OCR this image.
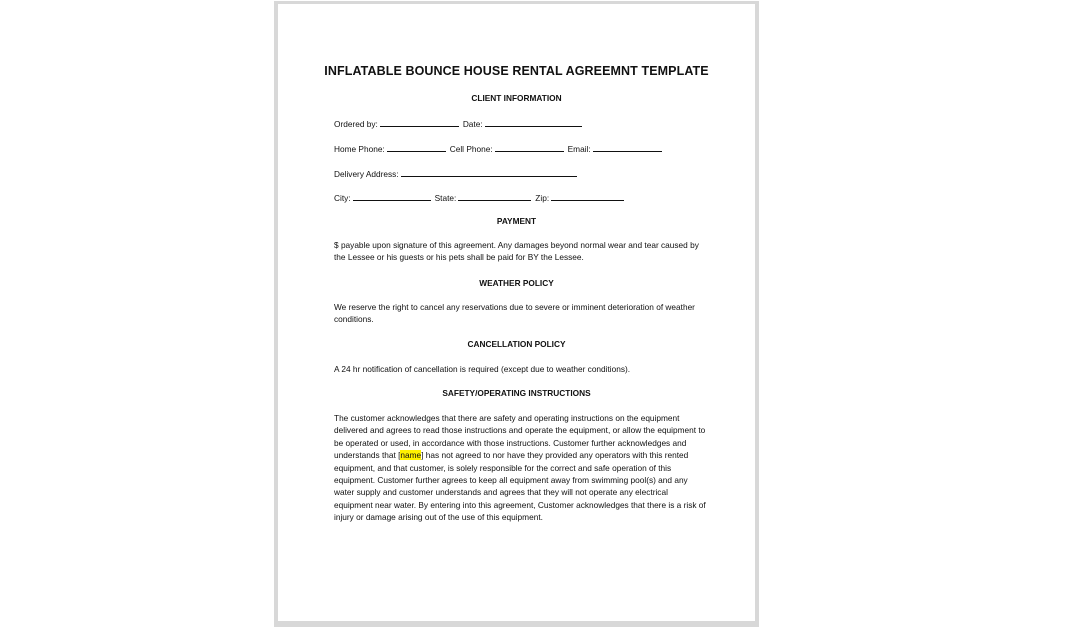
INFLATABLE BOUNCE HOUSE RENTAL AGREEMNT TEMPLATE
CLIENT INFORMATION
Ordered by:	Date:
Home Phone:	Cell Phone:	Email:
Delivery Address:
City:	State:	Zip:
PAYMENT
$ payable upon signature of this agreement. Any damages beyond normal wear and tear caused by the Lessee or his guests or his pets shall be paid for BY the Lessee.
WEATHER POLICY
We reserve the right to cancel any reservations due to severe or imminent deterioration of weather conditions.
CANCELLATION POLICY
A 24 hr notification of cancellation is required (except due to weather conditions).
SAFETY/OPERATING INSTRUCTIONS
The customer acknowledges that there are safety and operating instructions on the equipment delivered and agrees to read those instructions and operate the equipment, or allow the equipment to be operated or used, in accordance with those instructions. Customer further acknowledges and understands that [name] has not agreed to nor have they provided any operators with this rented equipment, and that customer, is solely responsible for the correct and safe operation of this equipment. Customer further agrees to keep all equipment away from swimming pool(s) and any water supply and customer understands and agrees that they will not operate any electrical equipment near water. By entering into this agreement, Customer acknowledges that there is a risk of injury or damage arising out of the use of this equipment.
